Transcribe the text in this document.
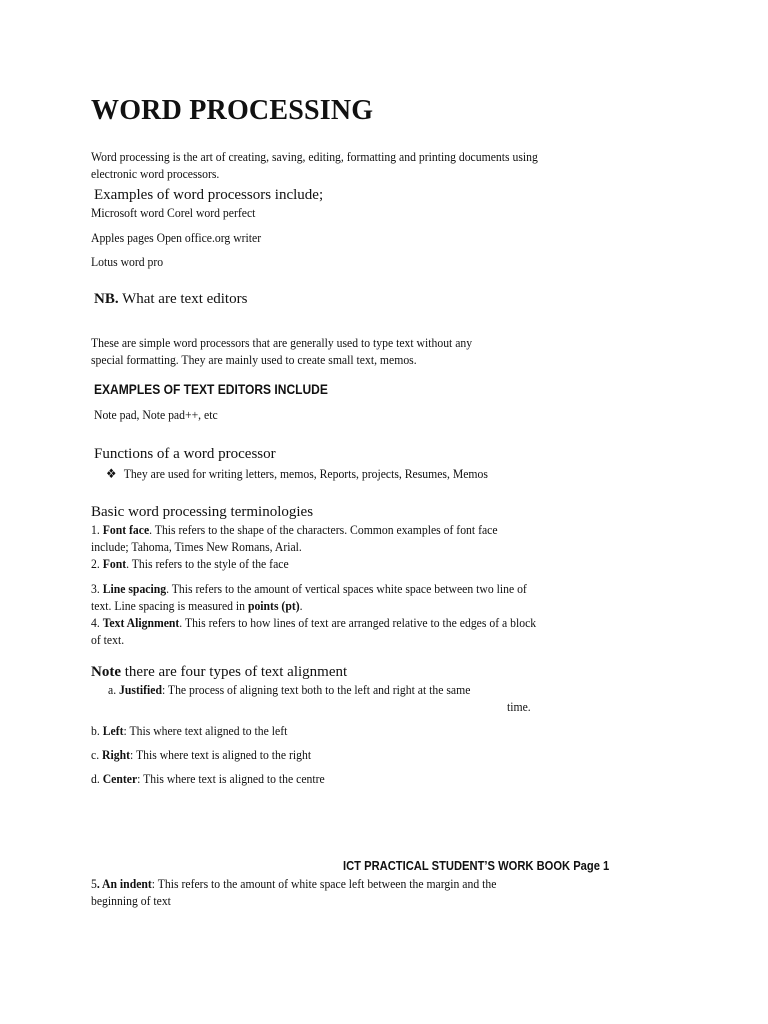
WORD PROCESSING
Word processing is the art of creating, saving, editing, formatting and printing documents using
electronic word processors.
Examples of word processors include;
Microsoft word Corel word perfect
Apples pages Open office.org writer
Lotus word pro
NB. What are text editors
These are simple word processors that are generally used to type text without any
special formatting. They are mainly used to create small text, memos.
EXAMPLES OF TEXT EDITORS INCLUDE
Note pad, Note pad++, etc
Functions of a word processor
❖ They are used for writing letters, memos, Reports, projects, Resumes, Memos
Basic word processing terminologies
1. Font face. This refers to the shape of the characters. Common examples of font face
include; Tahoma, Times New Romans, Arial.
2. Font. This refers to the style of the face
3. Line spacing. This refers to the amount of vertical spaces white space between two line of
text. Line spacing is measured in points (pt).
4. Text Alignment. This refers to how lines of text are arranged relative to the edges of a block
of text.
Note there are four types of text alignment
a. Justified: The process of aligning text both to the left and right at the same
time.
b. Left: This where text aligned to the left
c. Right: This where text is aligned to the right
d. Center: This where text is aligned to the centre
ICT PRACTICAL STUDENT’S WORK BOOK Page 1
5. An indent: This refers to the amount of white space left between the margin and the
beginning of text
